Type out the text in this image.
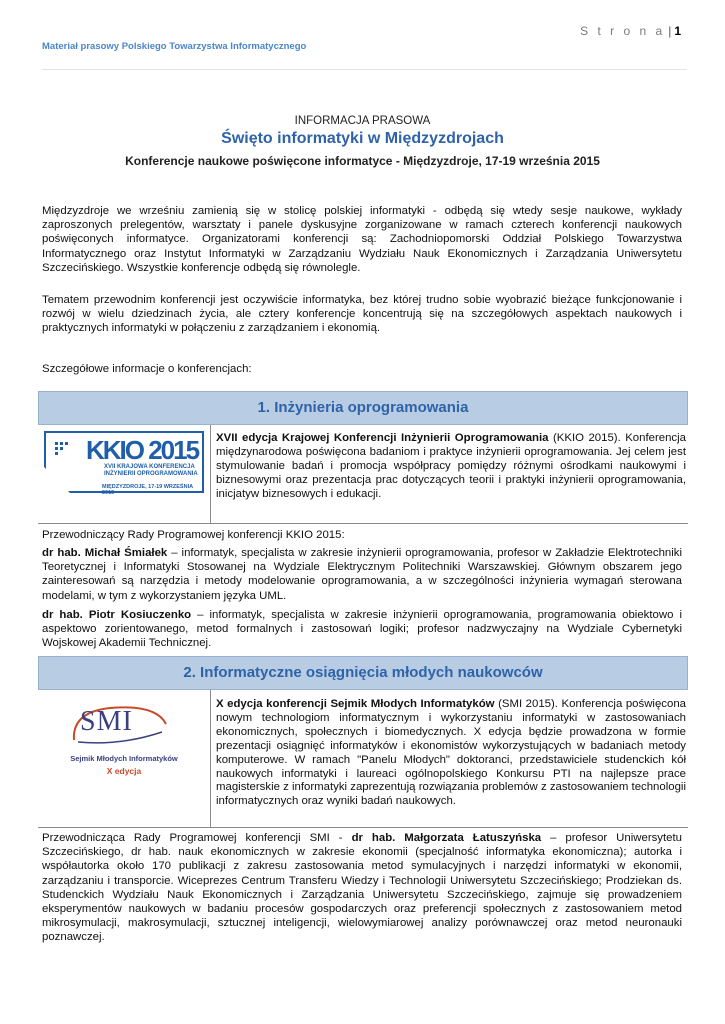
S t r o n a | 1
Materiał prasowy Polskiego Towarzystwa Informatycznego
INFORMACJA PRASOWA
Święto informatyki w Międzyzdrojach
Konferencje naukowe poświęcone informatyce - Międzyzdroje, 17-19 września 2015
Międzyzdroje we wrześniu zamienią się w stolicę polskiej informatyki - odbędą się wtedy sesje naukowe, wykłady zaproszonych prelegentów, warsztaty i panele dyskusyjne zorganizowane w ramach czterech konferencji naukowych poświęconych informatyce. Organizatorami konferencji są: Zachodniopomorski Oddział Polskiego Towarzystwa Informatycznego oraz Instytut Informatyki w Zarządzaniu Wydziału Nauk Ekonomicznych i Zarządzania Uniwersytetu Szczecińskiego. Wszystkie konferencje odbędą się równolegle.
Tematem przewodnim konferencji jest oczywiście informatyka, bez której trudno sobie wyobrazić bieżące funkcjonowanie i rozwój w wielu dziedzinach życia, ale cztery konferencje koncentrują się na szczegółowych aspektach naukowych i praktycznych informatyki w połączeniu z zarządzaniem i ekonomią.
Szczegółowe informacje o konferencjach:
1. Inżynieria oprogramowania
KKIO 2015
XVII KRAJOWA KONFERENCJA
INŻYNIERII OPROGRAMOWANIA
MIĘDZYZDROJE, 17-19 WRZEŚNIA 2015
XVII edycja Krajowej Konferencji Inżynierii Oprogramowania (KKIO 2015). Konferencja międzynarodowa poświęcona badaniom i praktyce inżynierii oprogramowania. Jej celem jest stymulowanie badań i promocja współpracy pomiędzy różnymi ośrodkami naukowymi i biznesowymi oraz prezentacja prac dotyczących teorii i praktyki inżynierii oprogramowania, inicjatyw biznesowych i edukacji.
Przewodniczący Rady Programowej konferencji KKIO 2015:
dr hab. Michał Śmiałek – informatyk, specjalista w zakresie inżynierii oprogramowania, profesor w Zakładzie Elektrotechniki Teoretycznej i Informatyki Stosowanej na Wydziale Elektrycznym Politechniki Warszawskiej. Głównym obszarem jego zainteresowań są narzędzia i metody modelowanie oprogramowania, a w szczególności inżynieria wymagań sterowana modelami, w tym z wykorzystaniem języka UML.
dr hab. Piotr Kosiuczenko – informatyk, specjalista w zakresie inżynierii oprogramowania, programowania obiektowo i aspektowo zorientowanego, metod formalnych i zastosowań logiki; profesor nadzwyczajny na Wydziale Cybernetyki Wojskowej Akademii Technicznej.
2. Informatyczne osiągnięcia młodych naukowców
SMI
Sejmik Młodych Informatyków
X edycja
X edycja konferencji Sejmik Młodych Informatyków (SMI 2015). Konferencja poświęcona nowym technologiom informatycznym i wykorzystaniu informatyki w zastosowaniach ekonomicznych, społecznych i biomedycznych. X edycja będzie prowadzona w formie prezentacji osiągnięć informatyków i ekonomistów wykorzystujących w badaniach metody komputerowe. W ramach "Panelu Młodych" doktoranci, przedstawiciele studenckich kół naukowych informatyki i laureaci ogólnopolskiego Konkursu PTI na najlepsze prace magisterskie z informatyki zaprezentują rozwiązania problemów z zastosowaniem technologii informatycznych oraz wyniki badań naukowych.
Przewodnicząca Rady Programowej konferencji SMI - dr hab. Małgorzata Łatuszyńska – profesor Uniwersytetu Szczecińskiego, dr hab. nauk ekonomicznych w zakresie ekonomii (specjalność informatyka ekonomiczna); autorka i współautorka około 170 publikacji z zakresu zastosowania metod symulacyjnych i narzędzi informatyki w ekonomii, zarządzaniu i transporcie. Wiceprezes Centrum Transferu Wiedzy i Technologii Uniwersytetu Szczecińskiego; Prodziekan ds. Studenckich Wydziału Nauk Ekonomicznych i Zarządzania Uniwersytetu Szczecińskiego, zajmuje się prowadzeniem eksperymentów naukowych w badaniu procesów gospodarczych oraz preferencji społecznych z zastosowaniem metod mikrosymulacji, makrosymulacji, sztucznej inteligencji, wielowymiarowej analizy porównawczej oraz metod neuronauki poznawczej.
